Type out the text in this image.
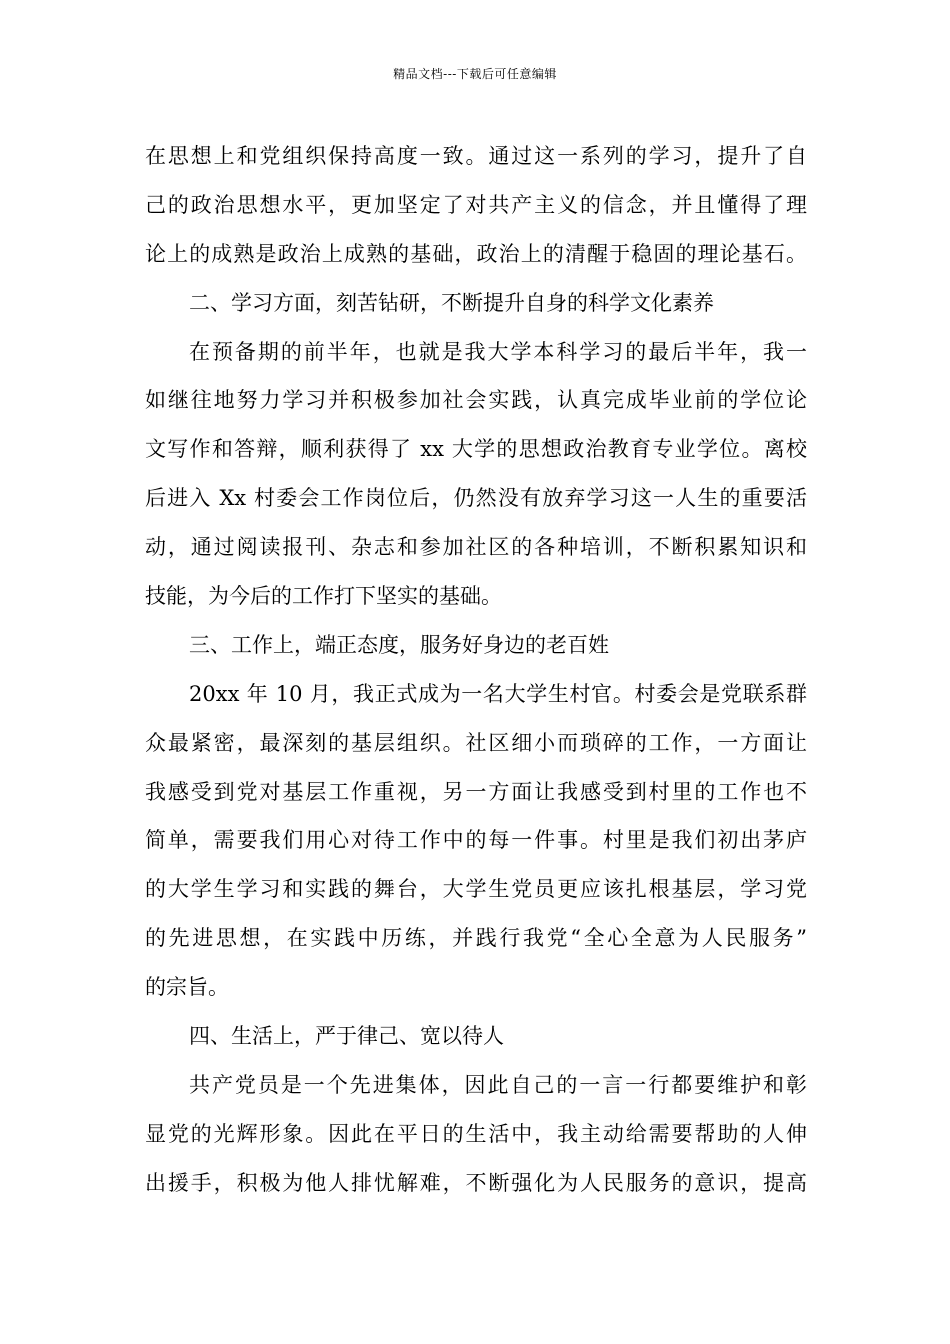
精品文档---下载后可任意编辑
在思想上和党组织保持高度一致。通过这一系列的学习，提升了自
己的政治思想水平，更加坚定了对共产主义的信念，并且懂得了理
论上的成熟是政治上成熟的基础，政治上的清醒于稳固的理论基石。
二、学习方面，刻苦钻研，不断提升自身的科学文化素养
在预备期的前半年，也就是我大学本科学习的最后半年，我一
如继往地努力学习并积极参加社会实践，认真完成毕业前的学位论
文写作和答辩，顺利获得了 xx 大学的思想政治教育专业学位。离校
后进入 Xx 村委会工作岗位后，仍然没有放弃学习这一人生的重要活
动，通过阅读报刊、杂志和参加社区的各种培训，不断积累知识和
技能，为今后的工作打下坚实的基础。
三、工作上，端正态度，服务好身边的老百姓
20xx 年 10 月，我正式成为一名大学生村官。村委会是党联系群
众最紧密，最深刻的基层组织。社区细小而琐碎的工作，一方面让
我感受到党对基层工作重视，另一方面让我感受到村里的工作也不
简单，需要我们用心对待工作中的每一件事。村里是我们初出茅庐
的大学生学习和实践的舞台，大学生党员更应该扎根基层，学习党
的先进思想，在实践中历练，并践行我党“全心全意为人民服务”
的宗旨。
四、生活上，严于律己、宽以待人
共产党员是一个先进集体，因此自己的一言一行都要维护和彰
显党的光辉形象。因此在平日的生活中，我主动给需要帮助的人伸
出援手，积极为他人排忧解难，不断强化为人民服务的意识，提高
